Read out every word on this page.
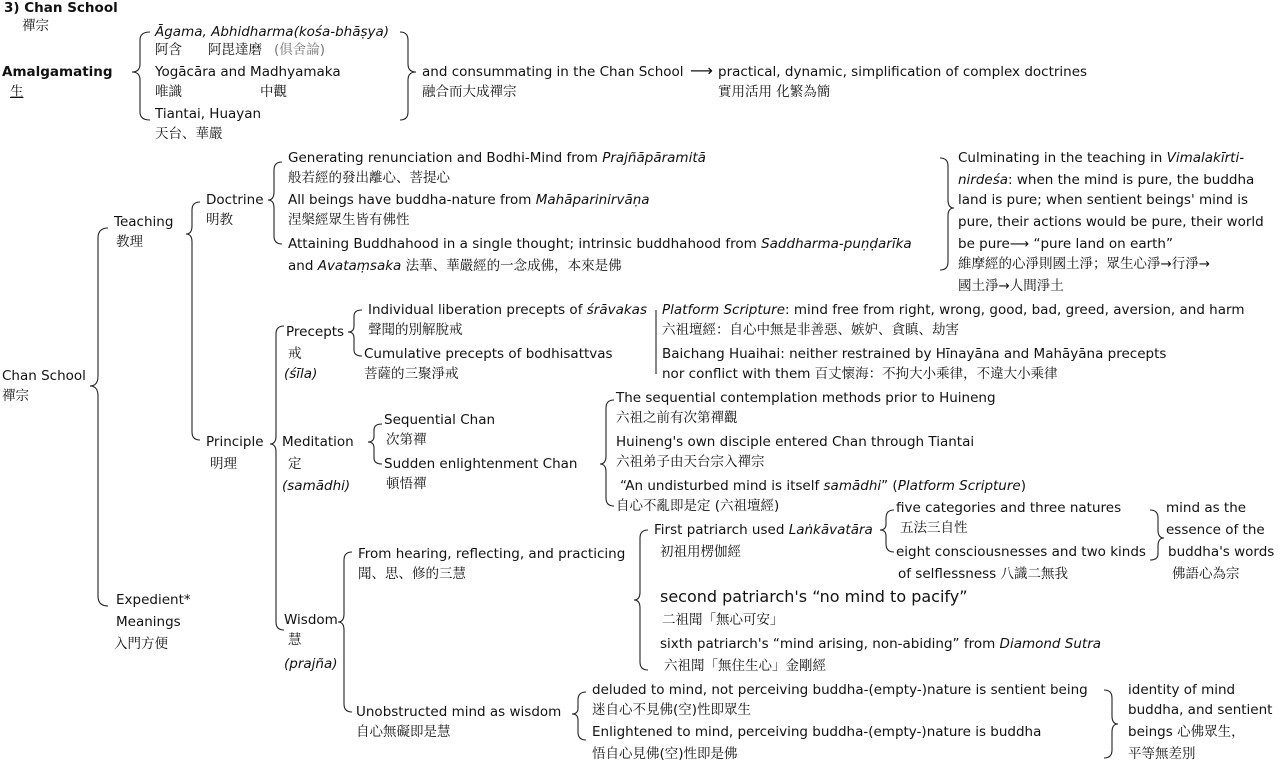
3) Chan School
禪宗
Amalgamating
生
Āgama, Abhidharma(kośa-bhāṣya)
阿含 阿毘達磨 (俱舍論)
Yogācāra and Madhyamaka
唯識	中觀
Tiantai, Huayan
天台、華嚴
and consummating in the Chan School
融合而大成禪宗
⟶ practical, dynamic, simplification of complex doctrines
實用活用 化繁為簡
Chan School
禪宗
Teaching
教理
Expedient*
Meanings
入門方便
Doctrine
明教
Generating renunciation and Bodhi-Mind from Prajñāpāramitā
般若經的發出離心、菩提心
All beings have buddha-nature from Mahāparinirvāṇa
涅槃經眾生皆有佛性
Attaining Buddhahood in a single thought; intrinsic buddhahood from Saddharma-puṇḍarīka
and Avataṃsaka 法華、華嚴經的一念成佛，本來是佛
Culminating in the teaching in Vimalakīrti-
nirdeśa: when the mind is pure, the buddha
land is pure; when sentient beings' mind is
pure, their actions would be pure, their world
be pure⟶ “pure land on earth”
維摩經的心淨則國土淨；眾生心淨→行淨→
國土淨→人間淨土
Principle
明理
Precepts
戒
(śīla)
Individual liberation precepts of śrāvakas
聲聞的別解脫戒
Cumulative precepts of bodhisattvas
菩薩的三聚淨戒
Platform Scripture: mind free from right, wrong, good, bad, greed, aversion, and harm
六祖壇經：自心中無是非善惡、嫉妒、貪瞋、劫害
Baichang Huaihai: neither restrained by Hīnayāna and Mahāyāna precepts
nor conflict with them 百丈懷海：不拘大小乘律，不違大小乘律
Meditation
定
(samādhi)
Sequential Chan
次第禪
Sudden enlightenment Chan
頓悟禪
The sequential contemplation methods prior to Huineng
六祖之前有次第禪觀
Huineng's own disciple entered Chan through Tiantai
六祖弟子由天台宗入禪宗
“An undisturbed mind is itself samādhi” (Platform Scripture)
自心不亂即是定 (六祖壇經)
Wisdom
慧
(prajña)
From hearing, reflecting, and practicing
聞、思、修的三慧
First patriarch used Laṅkāvatāra
初祖用楞伽經
five categories and three natures
五法三自性
eight consciousnesses and two kinds
of selflessness 八識二無我
mind as the
essence of the
buddha's words
佛語心為宗
second patriarch's “no mind to pacify”
二祖聞「無心可安」
sixth patriarch's “mind arising, non-abiding” from Diamond Sutra
六祖聞「無住生心」金剛經
Unobstructed mind as wisdom
自心無礙即是慧
deluded to mind, not perceiving buddha-(empty-)nature is sentient being
迷自心不見佛(空)性即眾生
Enlightened to mind, perceiving buddha-(empty-)nature is buddha
悟自心見佛(空)性即是佛
identity of mind
buddha, and sentient
beings 心佛眾生，
平等無差別
